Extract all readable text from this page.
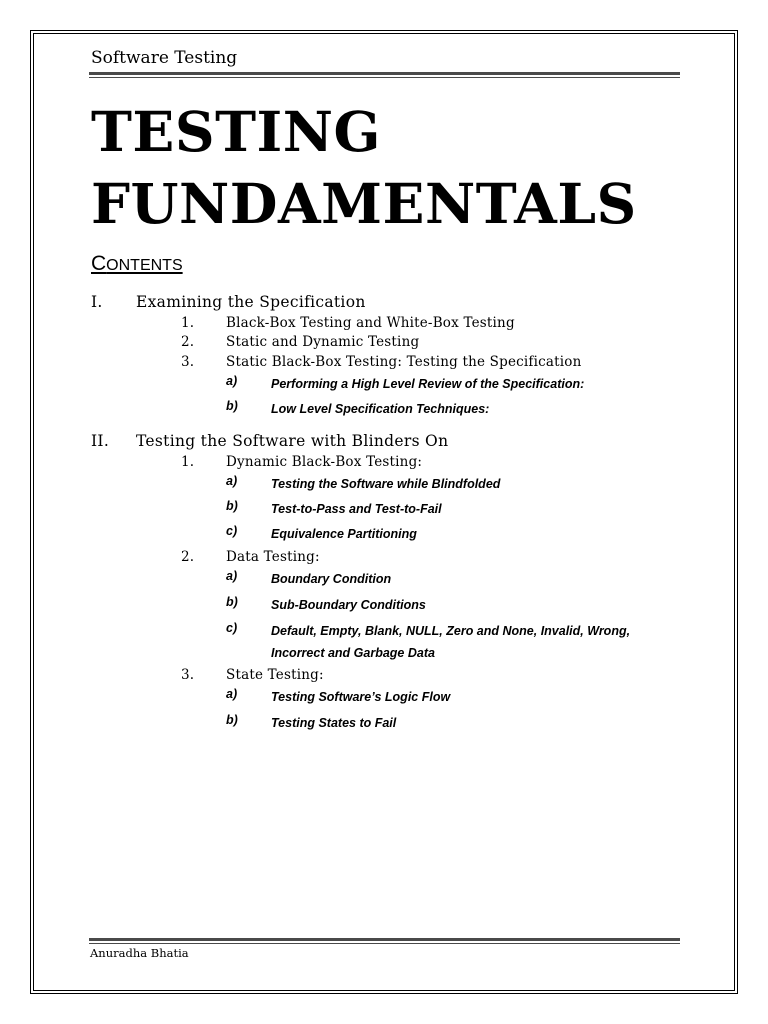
Software Testing
TESTING
FUNDAMENTALS
CONTENTS
I. Examining the Specification
1. Black-Box Testing and White-Box Testing
2. Static and Dynamic Testing
3. Static Black-Box Testing: Testing the Specification
a)	Performing a High Level Review of the Specification:
b)	Low Level Specification Techniques:
II. Testing the Software with Blinders On
1. Dynamic Black-Box Testing:
a)	Testing the Software while Blindfolded
b)	Test-to-Pass and Test-to-Fail
c)	Equivalence Partitioning
2. Data Testing:
a)	Boundary Condition
b)	Sub-Boundary Conditions
c)	Default, Empty, Blank, NULL, Zero and None, Invalid, Wrong,
Incorrect and Garbage Data
3. State Testing:
a)	Testing Software’s Logic Flow
b)	Testing States to Fail
Anuradha Bhatia
